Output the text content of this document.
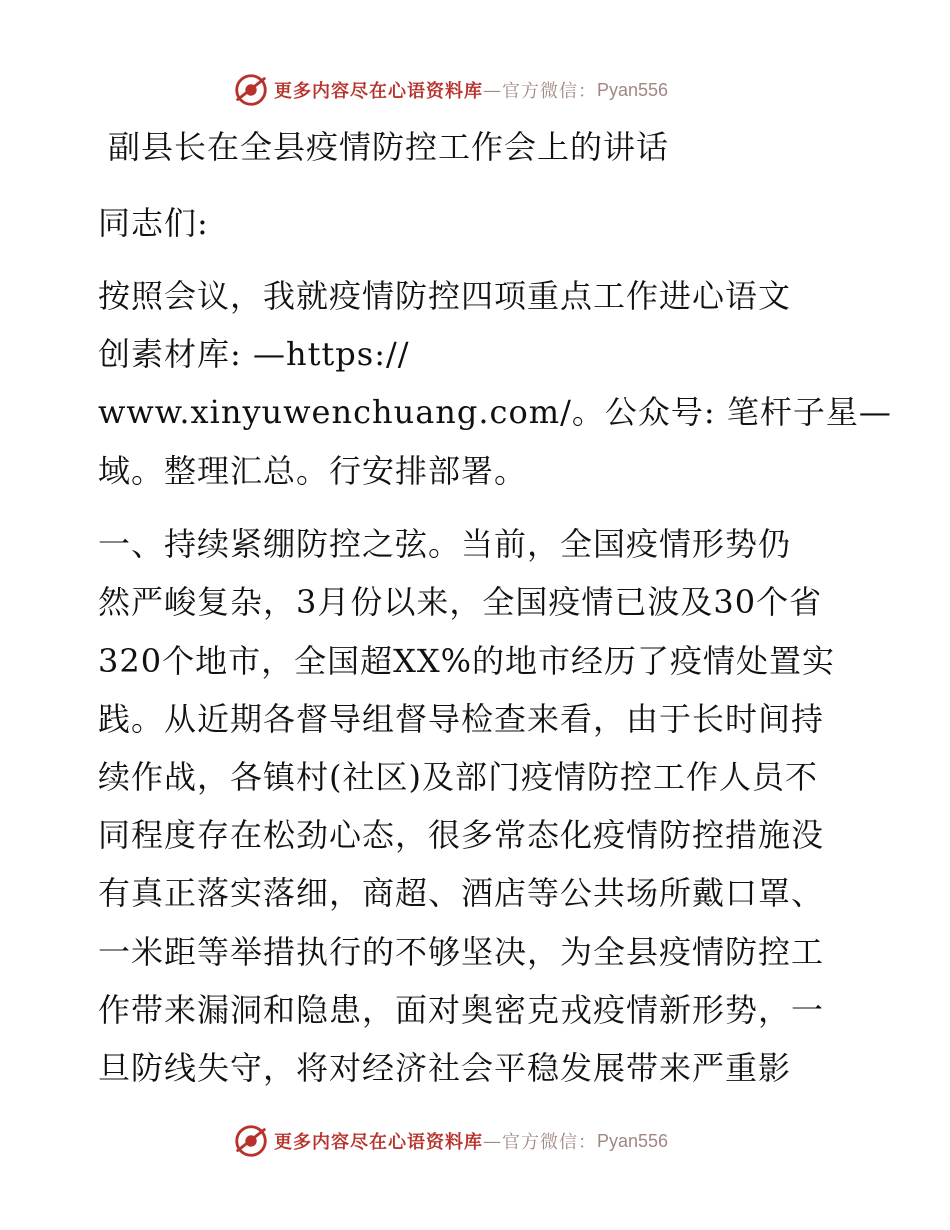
更多内容尽在心语资料库 — 官方微信： Pyan556
副县长在全县疫情防控工作会上的讲话
同志们:
按照会议，我就疫情防控四项重点工作进心语文
创素材库: —https://
www.xinyuwenchuang.com/。公众号: 笔杆子星—
域。整理汇总。行安排部署。
一、持续紧绷防控之弦。当前，全国疫情形势仍
然严峻复杂，3月份以来，全国疫情已波及30个省
320个地市，全国超XX%的地市经历了疫情处置实
践。从近期各督导组督导检查来看，由于长时间持
续作战，各镇村(社区)及部门疫情防控工作人员不
同程度存在松劲心态，很多常态化疫情防控措施没
有真正落实落细，商超、酒店等公共场所戴口罩、
一米距等举措执行的不够坚决，为全县疫情防控工
作带来漏洞和隐患，面对奥密克戎疫情新形势，一
旦防线失守，将对经济社会平稳发展带来严重影
更多内容尽在心语资料库 — 官方微信： Pyan556
